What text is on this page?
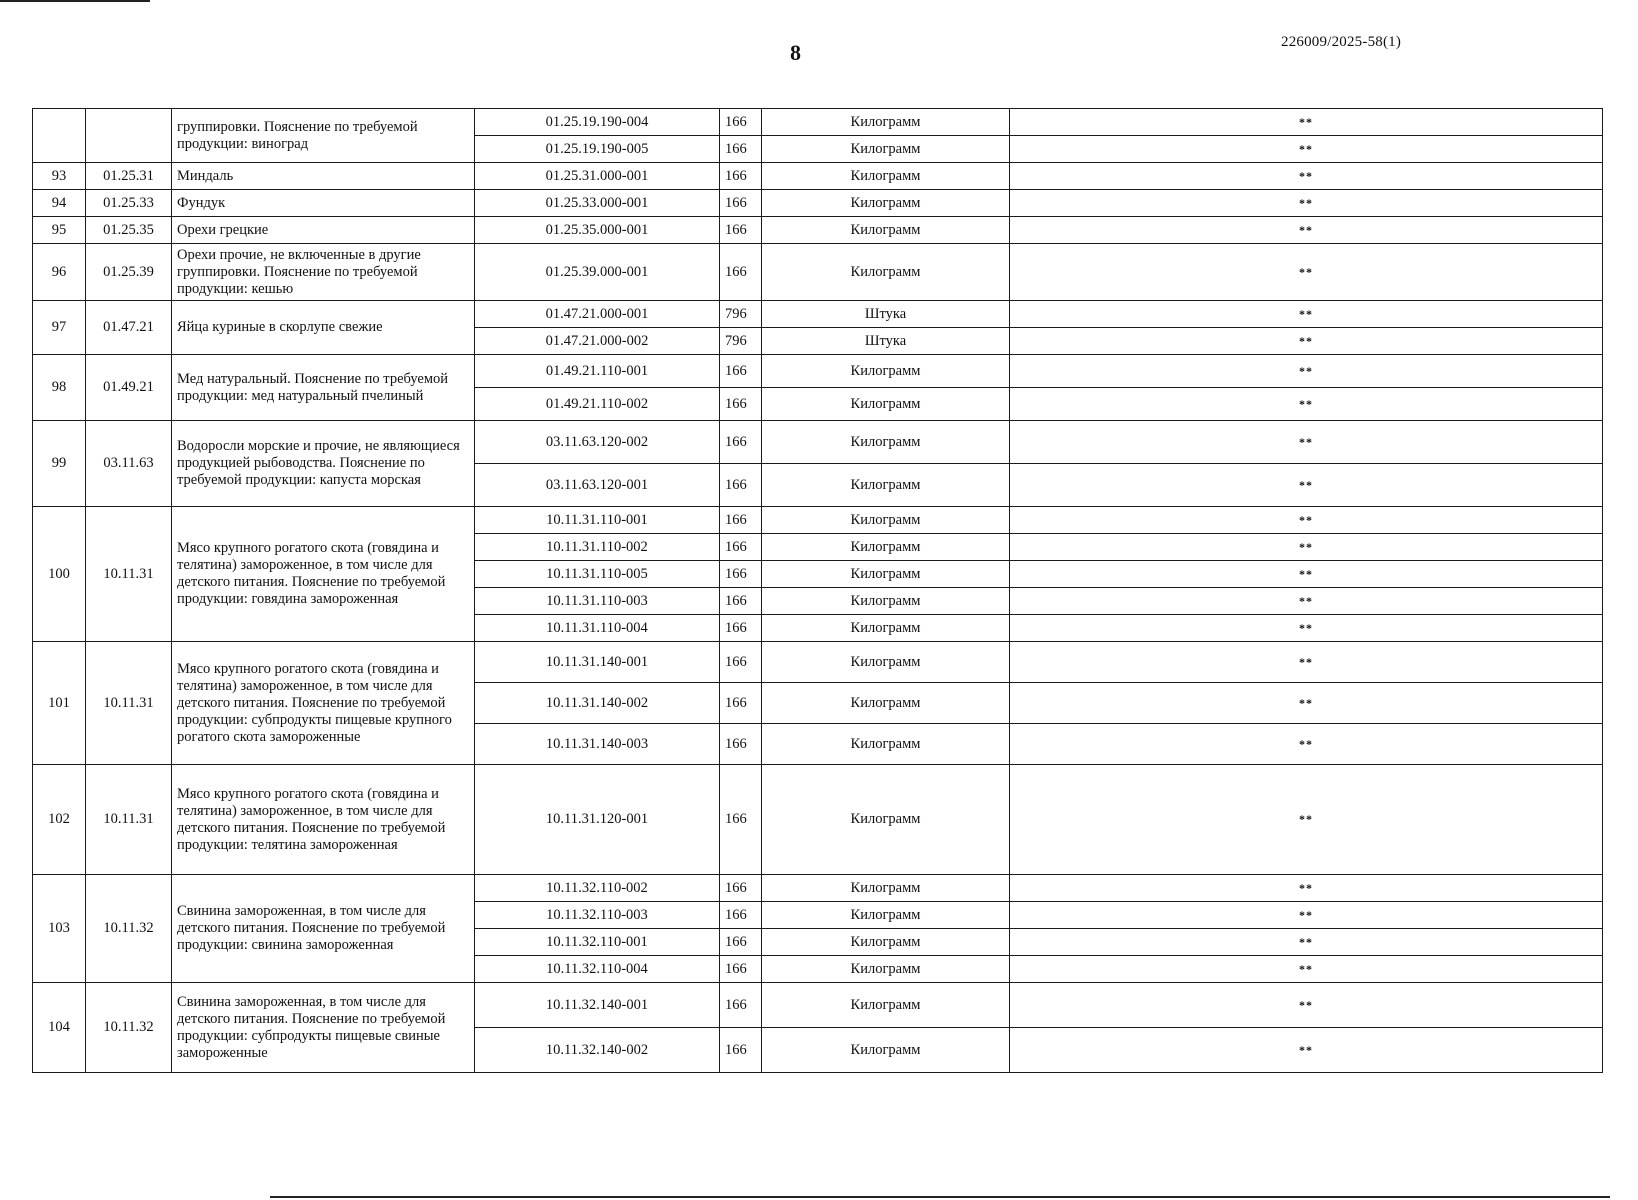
8	226009/2025-58(1)
		группировки. Пояснение по требуемой продукции: виноград	01.25.19.190-004	166	Килограмм	**
			01.25.19.190-005	166	Килограмм	**
93	01.25.31	Миндаль	01.25.31.000-001	166	Килограмм	**
94	01.25.33	Фундук	01.25.33.000-001	166	Килограмм	**
95	01.25.35	Орехи грецкие	01.25.35.000-001	166	Килограмм	**
96	01.25.39	Орехи прочие, не включенные в другие группировки. Пояснение по требуемой продукции: кешью	01.25.39.000-001	166	Килограмм	**
97	01.47.21	Яйца куриные в скорлупе свежие	01.47.21.000-001	796	Штука	**
			01.47.21.000-002	796	Штука	**
98	01.49.21	Мед натуральный. Пояснение по требуемой продукции: мед натуральный пчелиный	01.49.21.110-001	166	Килограмм	**
			01.49.21.110-002	166	Килограмм	**
99	03.11.63	Водоросли морские и прочие, не являющиеся продукцией рыбоводства. Пояснение по требуемой продукции: капуста морская	03.11.63.120-002	166	Килограмм	**
			03.11.63.120-001	166	Килограмм	**
100	10.11.31	Мясо крупного рогатого скота (говядина и телятина) замороженное, в том числе для детского питания. Пояснение по требуемой продукции: говядина замороженная	10.11.31.110-001	166	Килограмм	**
			10.11.31.110-002	166	Килограмм	**
			10.11.31.110-005	166	Килограмм	**
			10.11.31.110-003	166	Килограмм	**
			10.11.31.110-004	166	Килограмм	**
101	10.11.31	Мясо крупного рогатого скота (говядина и телятина) замороженное, в том числе для детского питания. Пояснение по требуемой продукции: субпродукты пищевые крупного рогатого скота замороженные	10.11.31.140-001	166	Килограмм	**
			10.11.31.140-002	166	Килограмм	**
			10.11.31.140-003	166	Килограмм	**
102	10.11.31	Мясо крупного рогатого скота (говядина и телятина) замороженное, в том числе для детского питания. Пояснение по требуемой продукции: телятина замороженная	10.11.31.120-001	166	Килограмм	**
103	10.11.32	Свинина замороженная, в том числе для детского питания. Пояснение по требуемой продукции: свинина замороженная	10.11.32.110-002	166	Килограмм	**
			10.11.32.110-003	166	Килограмм	**
			10.11.32.110-001	166	Килограмм	**
			10.11.32.110-004	166	Килограмм	**
104	10.11.32	Свинина замороженная, в том числе для детского питания. Пояснение по требуемой продукции: субпродукты пищевые свиные замороженные	10.11.32.140-001	166	Килограмм	**
			10.11.32.140-002	166	Килограмм	**
